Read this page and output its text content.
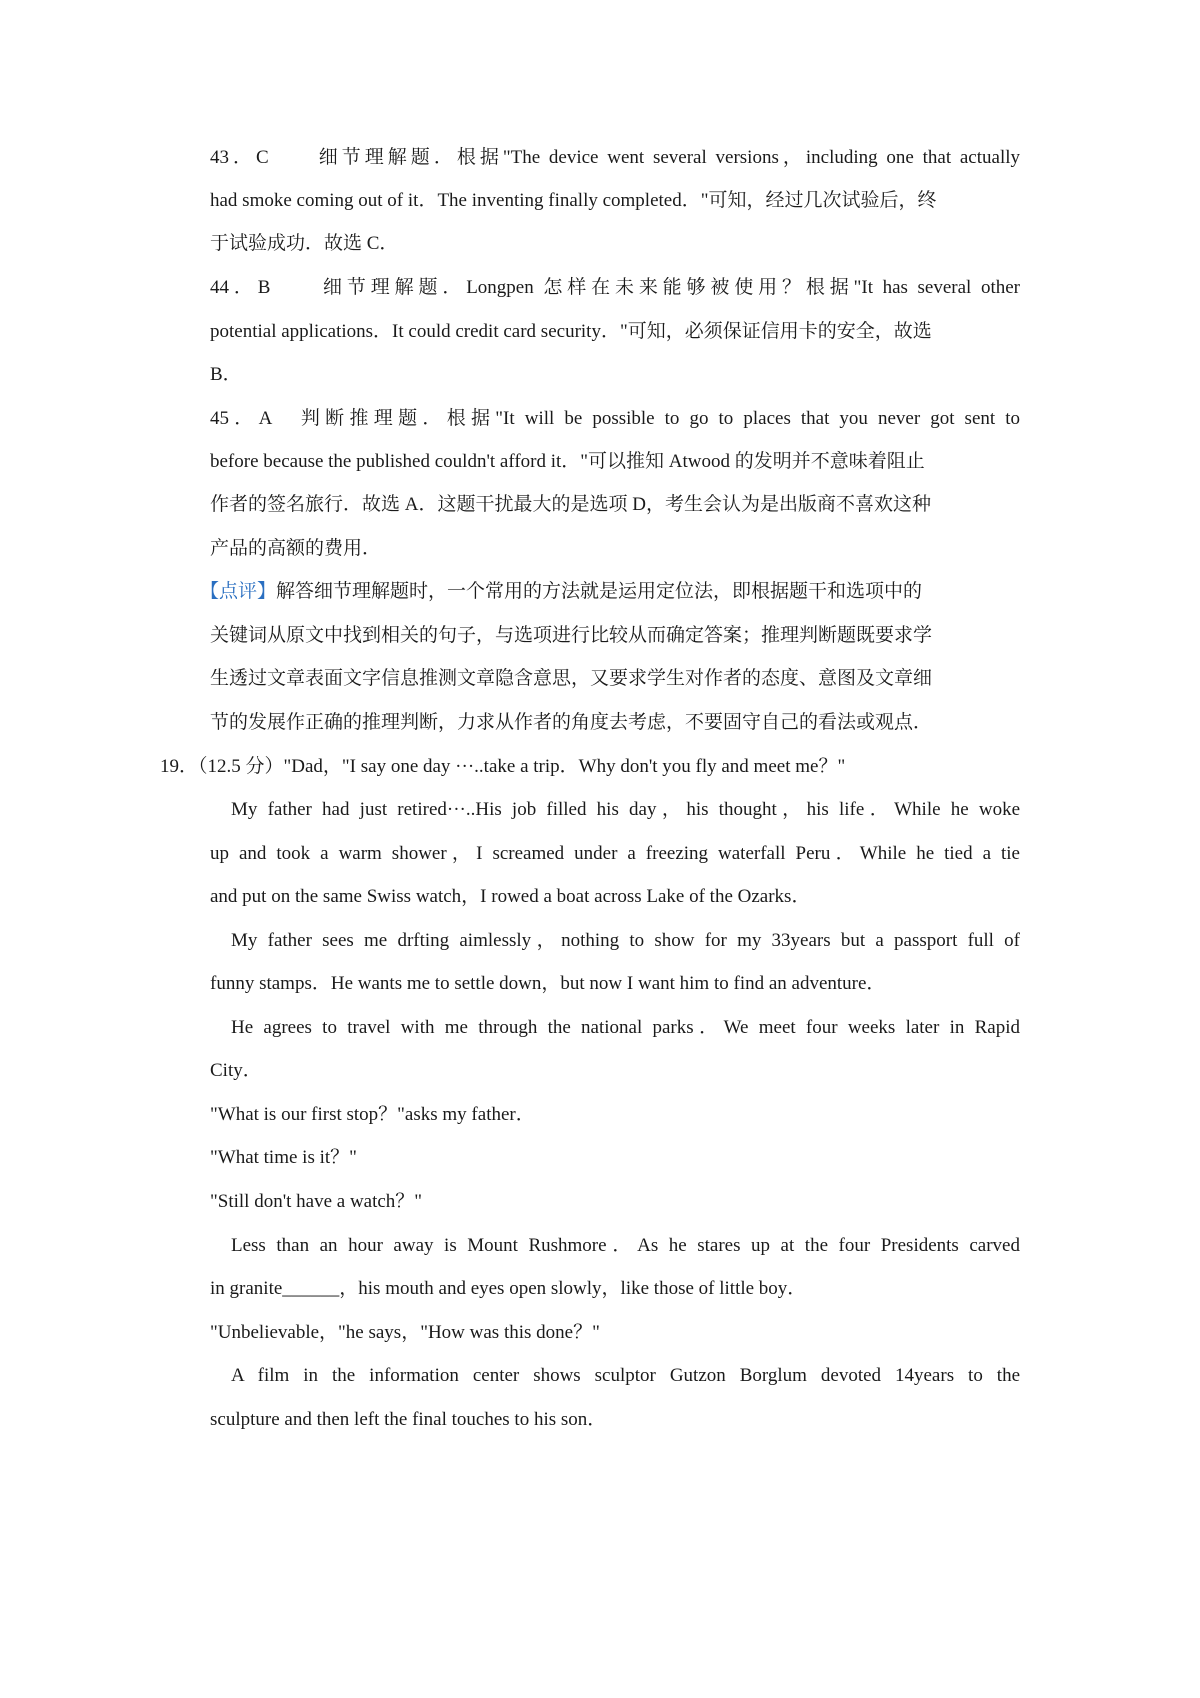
43．C　　细节理解题．根据"The device went several versions，including one that actually
had smoke coming out of it．The inventing finally completed．"可知，经过几次试验后，终
于试验成功．故选 C．
44．B　　细节理解题．Longpen 怎样在未来能够被使用？根据"It has several other
potential applications．It could credit card security．"可知，必须保证信用卡的安全，故选
B．
45．A　判断推理题．根据"It will be possible to go to places that you never got sent to
before because the published couldn't afford it．"可以推知 Atwood 的发明并不意味着阻止
作者的签名旅行．故选 A．这题干扰最大的是选项 D，考生会认为是出版商不喜欢这种
产品的高额的费用．
【点评】解答细节理解题时，一个常用的方法就是运用定位法，即根据题干和选项中的
关键词从原文中找到相关的句子，与选项进行比较从而确定答案；推理判断题既要求学
生透过文章表面文字信息推测文章隐含意思，又要求学生对作者的态度、意图及文章细
节的发展作正确的推理判断，力求从作者的角度去考虑，不要固守自己的看法或观点．
19．（12.5 分）"Dad，"I say one day ···..take a trip．Why don't you fly and meet me？"
My father had just retired···..His job filled his day，his thought，his life．While he woke
up and took a warm shower，I screamed under a freezing waterfall Peru．While he tied a tie
and put on the same Swiss watch，I rowed a boat across Lake of the Ozarks．
My father sees me drfting aimlessly，nothing to show for my 33years but a passport full of
funny stamps．He wants me to settle down，but now I want him to find an adventure．
He agrees to travel with me through the national parks．We meet four weeks later in Rapid
City．
"What is our first stop？"asks my father．
"What time is it？"
"Still don't have a watch？"
Less than an hour away is Mount Rushmore．As he stares up at the four Presidents carved
in granite______，his mouth and eyes open slowly，like those of little boy．
"Unbelievable，"he says，"How was this done？"
A film in the information center shows sculptor Gutzon Borglum devoted 14years to the
sculpture and then left the final touches to his son．
